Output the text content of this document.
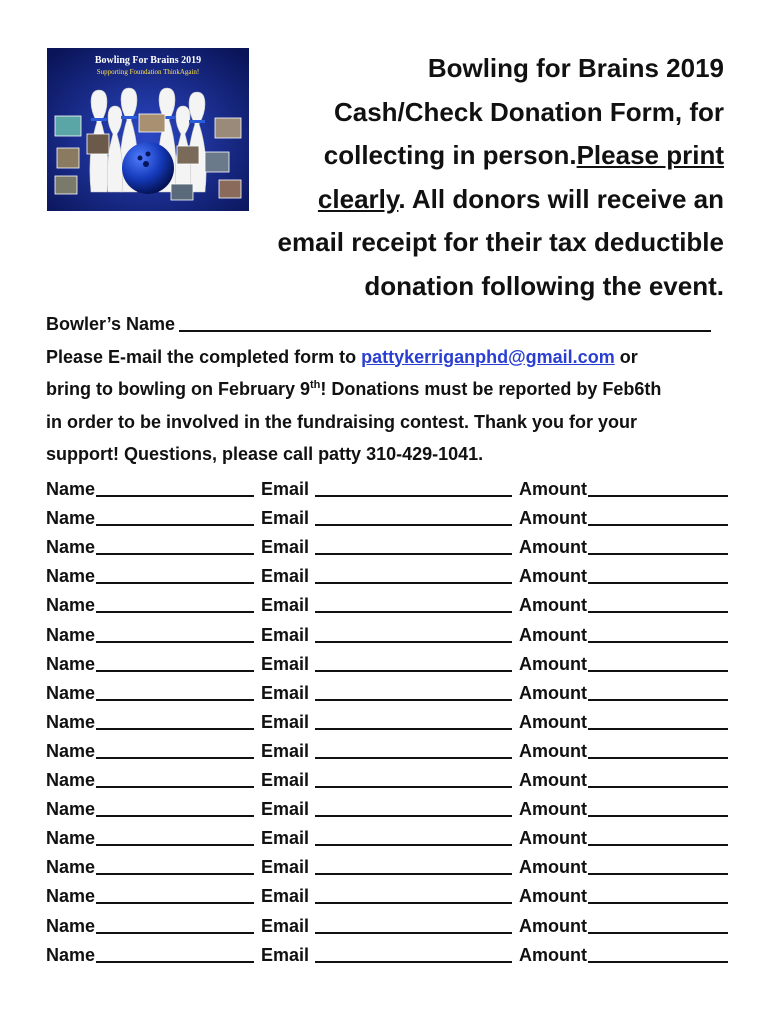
Bowling For Brains 2019
Supporting Foundation ThinkAgain!	Bowling for Brains 2019
Cash/Check Donation Form, for
collecting in person.Please print
clearly. All donors will receive an
email receipt for their tax deductible
donation following the event.
Bowler’s Name
Please E-mail the completed form to pattykerriganphd@gmail.com or
bring to bowling on February 9th! Donations must be reported by Feb6th
in order to be involved in the fundraising contest. Thank you for your
support! Questions, please call patty 310-429-1041.
Name	Email	Amount
Name	Email	Amount
Name	Email	Amount
Name	Email	Amount
Name	Email	Amount
Name	Email	Amount
Name	Email	Amount
Name	Email	Amount
Name	Email	Amount
Name	Email	Amount
Name	Email	Amount
Name	Email	Amount
Name	Email	Amount
Name	Email	Amount
Name	Email	Amount
Name	Email	Amount
Name	Email	Amount
